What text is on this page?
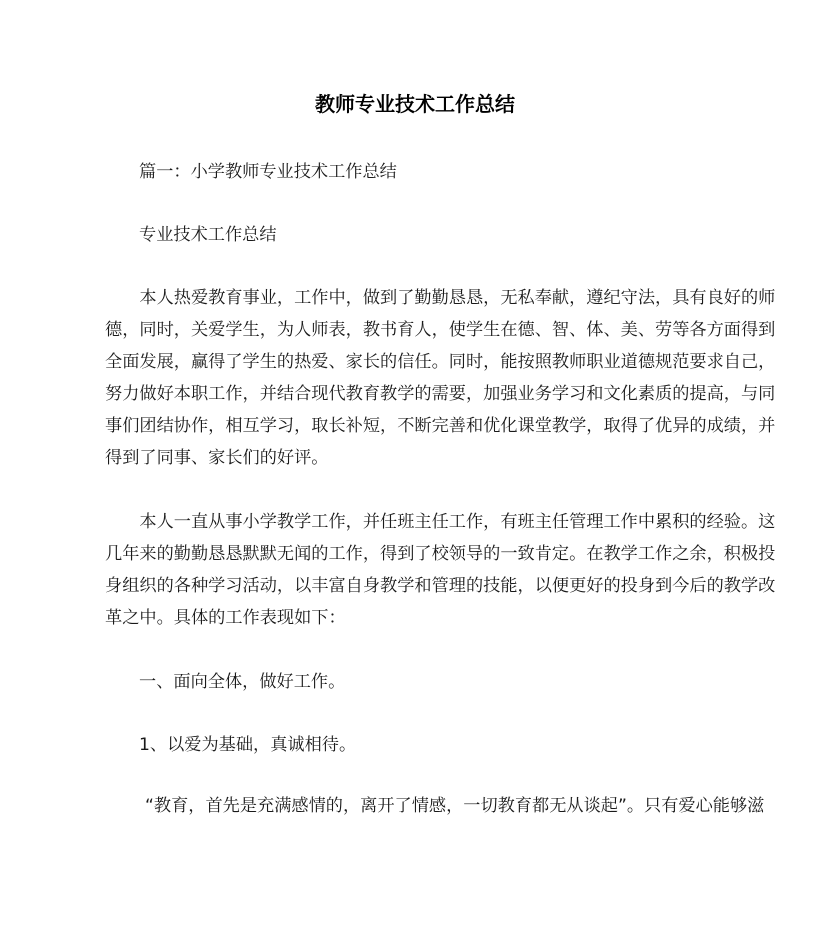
教师专业技术工作总结
篇一：小学教师专业技术工作总结
专业技术工作总结
　　本人热爱教育事业，工作中，做到了勤勤恳恳，无私奉献，遵纪守法，具有良好的师
德，同时，关爱学生，为人师表，教书育人，使学生在德、智、体、美、劳等各方面得到
全面发展，赢得了学生的热爱、家长的信任。同时，能按照教师职业道德规范要求自己，
努力做好本职工作，并结合现代教育教学的需要，加强业务学习和文化素质的提高，与同
事们团结协作，相互学习，取长补短，不断完善和优化课堂教学，取得了优异的成绩，并
得到了同事、家长们的好评。
　　本人一直从事小学教学工作，并任班主任工作，有班主任管理工作中累积的经验。这
几年来的勤勤恳恳默默无闻的工作，得到了校领导的一致肯定。在教学工作之余，积极投
身组织的各种学习活动，以丰富自身教学和管理的技能，以便更好的投身到今后的教学改
革之中。具体的工作表现如下：
一、面向全体，做好工作。
1、以爱为基础，真诚相待。
“教育，首先是充满感情的，离开了情感，一切教育都无从谈起”。只有爱心能够滋
